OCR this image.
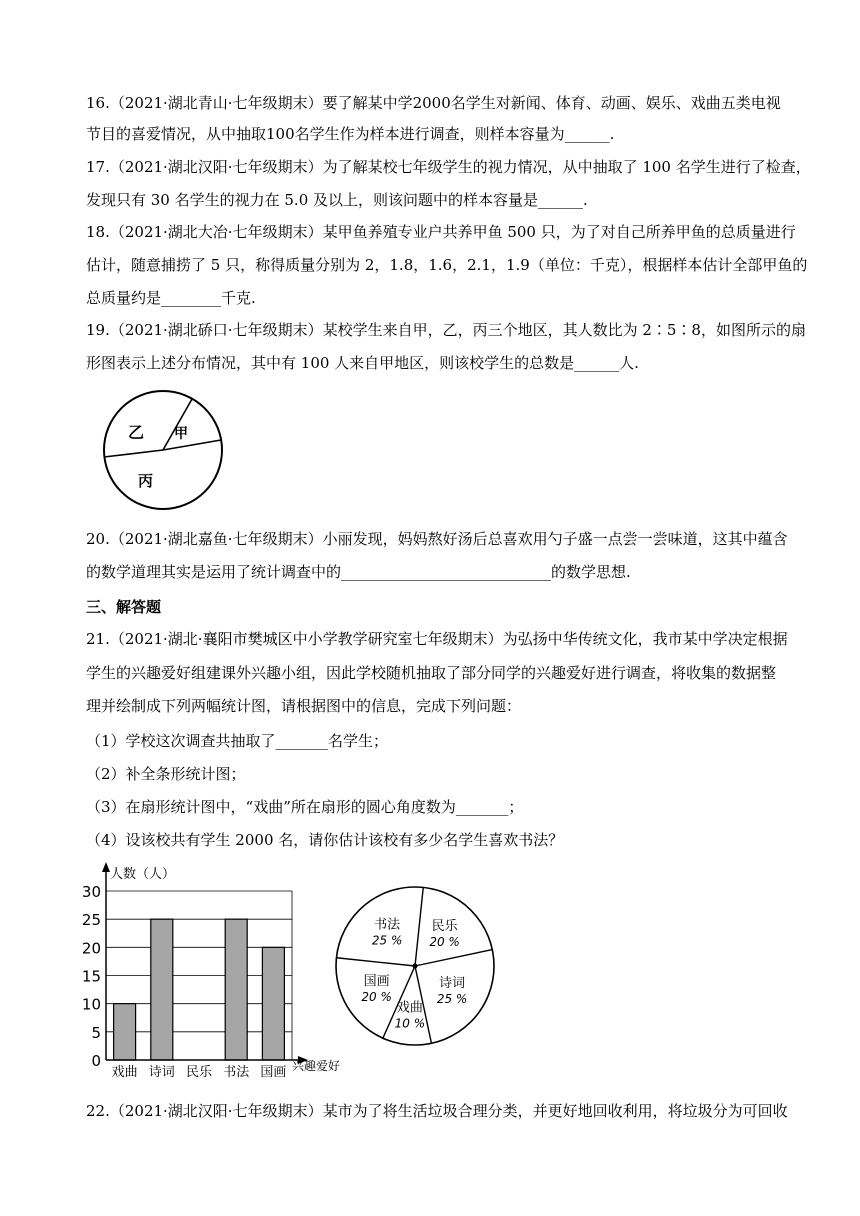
16.（2021·湖北青山·七年级期末）要了解某中学2000名学生对新闻、体育、动画、娱乐、戏曲五类电视
节目的喜爱情况，从中抽取100名学生作为样本进行调查，则样本容量为______.
17.（2021·湖北汉阳·七年级期末）为了解某校七年级学生的视力情况，从中抽取了 100 名学生进行了检查，
发现只有 30 名学生的视力在 5.0 及以上，则该问题中的样本容量是______.
18.（2021·湖北大冶·七年级期末）某甲鱼养殖专业户共养甲鱼 500 只，为了对自己所养甲鱼的总质量进行
估计，随意捕捞了 5 只，称得质量分别为 2，1.8，1.6，2.1，1.9（单位：千克），根据样本估计全部甲鱼的
总质量约是________千克.
19.（2021·湖北硚口·七年级期末）某校学生来自甲，乙，丙三个地区，其人数比为 2∶5∶8，如图所示的扇
形图表示上述分布情况，其中有 100 人来自甲地区，则该校学生的总数是______人.
乙 甲
丙
20.（2021·湖北嘉鱼·七年级期末）小丽发现，妈妈熬好汤后总喜欢用勺子盛一点尝一尝味道，这其中蕴含
的数学道理其实是运用了统计调查中的____________________________的数学思想.
三、解答题
21.（2021·湖北·襄阳市樊城区中小学教学研究室七年级期末）为弘扬中华传统文化，我市某中学决定根据
学生的兴趣爱好组建课外兴趣小组，因此学校随机抽取了部分同学的兴趣爱好进行调查，将收集的数据整
理并绘制成下列两幅统计图，请根据图中的信息，完成下列问题：
（1）学校这次调查共抽取了_______名学生；
（2）补全条形统计图；
（3）在扇形统计图中，“戏曲”所在扇形的圆心角度数为_______；
（4）设该校共有学生 2000 名，请你估计该校有多少名学生喜欢书法？
0
5
10
15
20
25
30
戏曲 诗词 民乐 书法 国画
人数（人）
兴趣爱好
民乐
20 %
诗词
25 %
戏曲
10 %
国画
20 %
书法
25 %
22.（2021·湖北汉阳·七年级期末）某市为了将生活垃圾合理分类，并更好地回收利用，将垃圾分为可回收
